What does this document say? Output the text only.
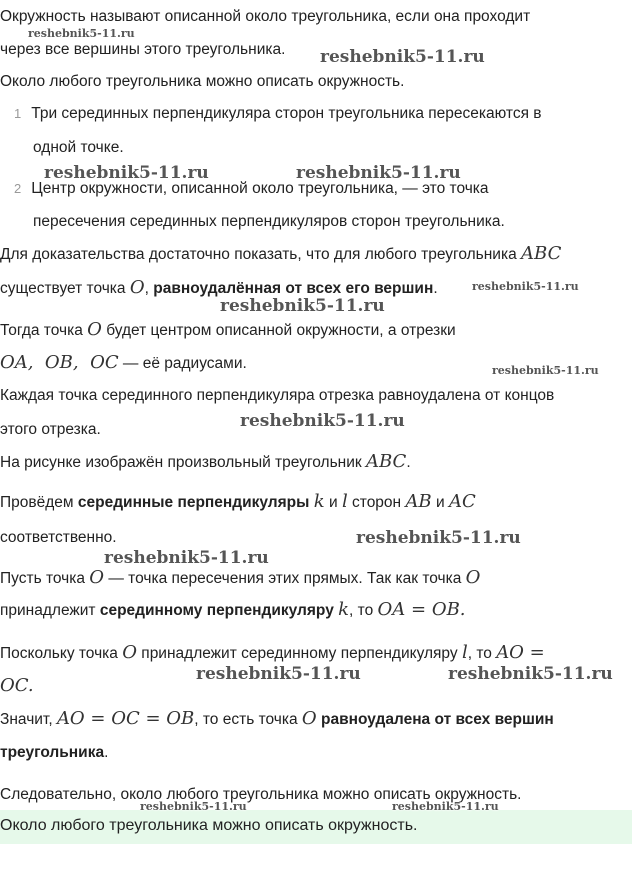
Окружность называют описанной около треугольника, если она проходит
через все вершины этого треугольника.
Около любого треугольника можно описать окружность.
1 Три серединных перпендикуляра сторон треугольника пересекаются в
одной точке.
2 Центр окружности, описанной около треугольника, — это точка
пересечения серединных перпендикуляров сторон треугольника.
Для доказательства достаточно показать, что для любого треугольника ABC
существует точка O, равноудалённая от всех его вершин.
Тогда точка O будет центром описанной окружности, а отрезки
OA,  OB,  OC — её радиусами.
Каждая точка серединного перпендикуляра отрезка равноудалена от концов
этого отрезка.
На рисунке изображён произвольный треугольник ABC.
Провёдем серединные перпендикуляры k и l сторон AB и AC
соответственно.
Пусть точка O — точка пересечения этих прямых. Так как точка O
принадлежит серединному перпендикуляру k, то OA = OB.
Поскольку точка O принадлежит серединному перпендикуляру l, то AO =
OC.
Значит, AO = OC = OB, то есть точка O равноудалена от всех вершин
треугольника.
Следовательно, около любого треугольника можно описать окружность.
Около любого треугольника можно описать окружность.
reshebnik5-11.ru
reshebnik5-11.ru
reshebnik5-11.ru	reshebnik5-11.ru
reshebnik5-11.ru
reshebnik5-11.ru
reshebnik5-11.ru
reshebnik5-11.ru
reshebnik5-11.ru
reshebnik5-11.ru
reshebnik5-11.ru	reshebnik5-11.ru
reshebnik5-11.ru	reshebnik5-11.ru
